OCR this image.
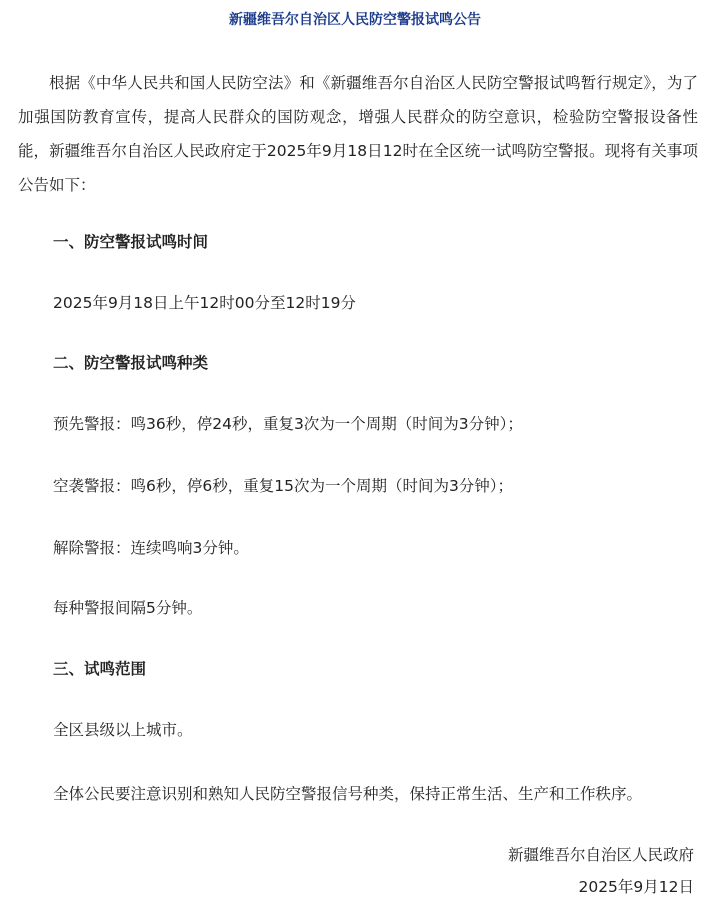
新疆维吾尔自治区人民防空警报试鸣公告

根据《中华人民共和国人民防空法》和《新疆维吾尔自治区人民防空警报试鸣暂行规定》，为了加强国防教育宣传，提高人民群众的国防观念，增强人民群众的防空意识，检验防空警报设备性能，新疆维吾尔自治区人民政府定于2025年9月18日12时在全区统一试鸣防空警报。现将有关事项公告如下：

一、防空警报试鸣时间

2025年9月18日上午12时00分至12时19分

二、防空警报试鸣种类

预先警报：鸣36秒，停24秒，重复3次为一个周期（时间为3分钟）；

空袭警报：鸣6秒，停6秒，重复15次为一个周期（时间为3分钟）；

解除警报：连续鸣响3分钟。

每种警报间隔5分钟。

三、试鸣范围

全区县级以上城市。

全体公民要注意识别和熟知人民防空警报信号种类，保持正常生活、生产和工作秩序。

新疆维吾尔自治区人民政府

2025年9月12日
